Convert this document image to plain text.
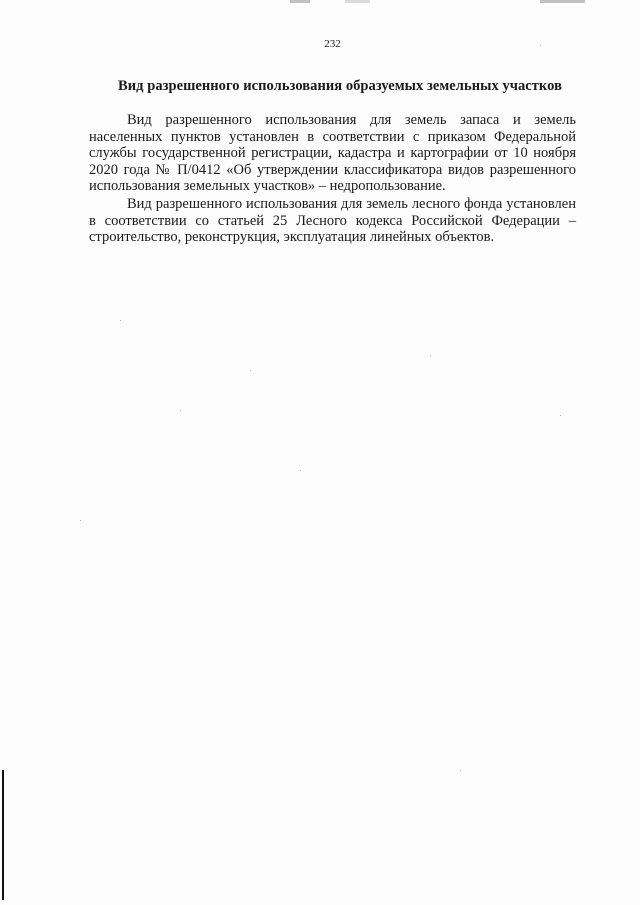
232
Вид разрешенного использования образуемых земельных участков

Вид разрешенного использования для земель запаса и земель населенных пунктов установлен в соответствии с приказом Федеральной службы государственной регистрации, кадастра и картографии от 10 ноября 2020 года № П/0412 «Об утверждении классификатора видов разрешенного использования земельных участков» – недропользование.

Вид разрешенного использования для земель лесного фонда установлен в соответствии со статьей 25 Лесного кодекса Российской Федерации – строительство, реконструкция, эксплуатация линейных объектов.
